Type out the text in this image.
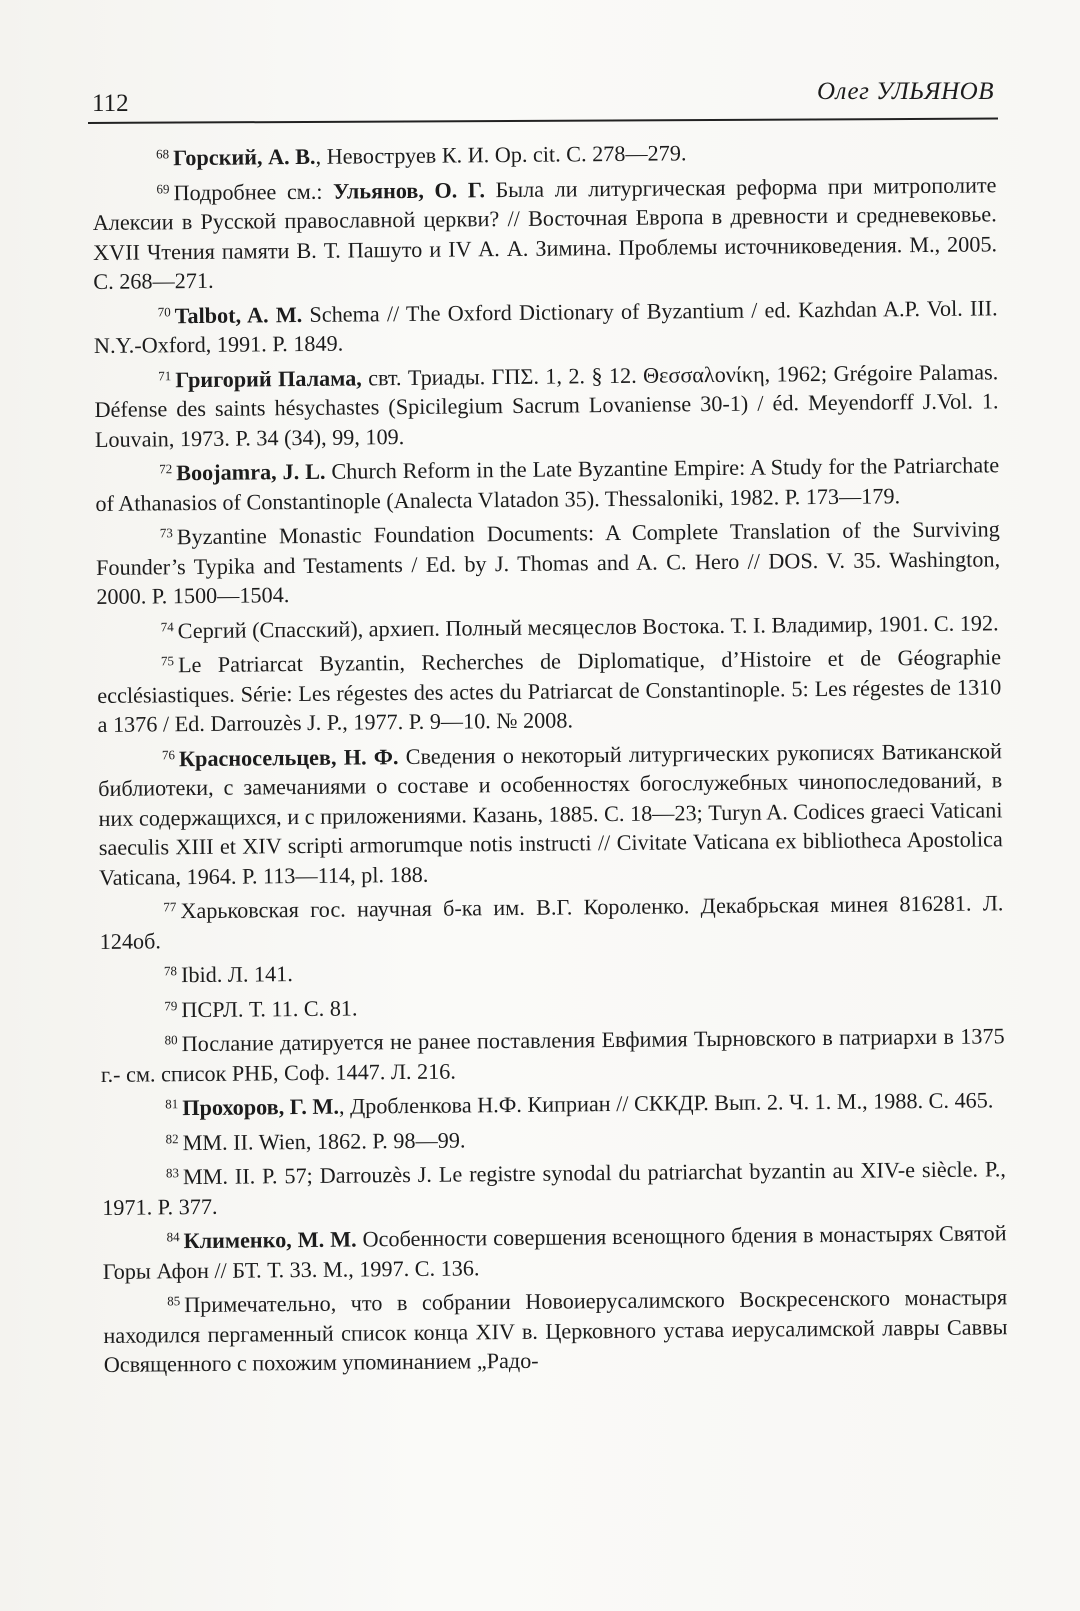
112	Олег УЛЬЯНОВ

$^{68}$ Горский, А. В., Невоструев К. И. Op. cit. C. 278—279.

$^{69}$ Подробнее см.: Ульянов, О. Г. Была ли литургическая реформа при митрополите Алексии в Русской православной церкви? // Восточная Европа в древности и средневековье. XVII Чтения памяти В. Т. Пашуто и IV А. А. Зимина. Проблемы источниковедения. М., 2005. С. 268—271.

$^{70}$ Talbot, A. M. Schema // The Oxford Dictionary of Byzantium / ed. Kazhdan A.P. Vol. III. N.Y.-Oxford, 1991. P. 1849.

$^{71}$ Григорий Палама, свт. Триады. ГПΣ. 1, 2. § 12. Θεσσαλονίκη, 1962; Grégoire Palamas. Défense des saints hésychastes (Spicilegium Sacrum Lovaniense 30-1) / éd. Meyendorff J.Vol. 1. Louvain, 1973. P. 34 (34), 99, 109.

$^{72}$ Boojamra, J. L. Church Reform in the Late Byzantine Empire: A Study for the Patriarchate of Athanasios of Constantinople (Analecta Vlatadon 35). Thessaloniki, 1982. P. 173—179.

$^{73}$ Byzantine Monastic Foundation Documents: A Complete Translation of the Surviving Founder’s Typika and Testaments / Ed. by J. Thomas and A. C. Hero // DOS. V. 35. Washington, 2000. P. 1500—1504.

$^{74}$ Сергий (Спасский), архиеп. Полный месяцеслов Востока. Т. I. Владимир, 1901. С. 192.

$^{75}$ Le Patriarcat Byzantin, Recherches de Diplomatique, d’Histoire et de Géographie ecclésiastiques. Série: Les régestes des actes du Patriarcat de Constantinople. 5: Les régestes de 1310 a 1376 / Ed. Darrouzès J. P., 1977. P. 9—10. № 2008.

$^{76}$ Красносельцев, Н. Ф. Сведения о некоторый литургических рукописях Ватиканской библиотеки, с замечаниями о составе и особенностях богослужебных чинопоследований, в них содержащихся, и с приложениями. Казань, 1885. С. 18—23; Turyn A. Codices graeci Vaticani saeculis XIII et XIV scripti armorumque notis instructi // Civitate Vaticana ex bibliotheca Apostolica Vaticana, 1964. P. 113—114, pl. 188.

$^{77}$ Харьковская гос. научная б-ка им. В.Г. Короленко. Декабрьская минея 816281. Л. 124об.

$^{78}$ Ibid. Л. 141.

$^{79}$ ПСРЛ. Т. 11. С. 81.

$^{80}$ Послание датируется не ранее поставления Евфимия Тырновского в патриархи в 1375 г.- см. список РНБ, Соф. 1447. Л. 216.

$^{81}$ Прохоров, Г. М., Дробленкова Н.Ф. Киприан // СККДР. Вып. 2. Ч. 1. М., 1988. С. 465.

$^{82}$ ММ. II. Wien, 1862. P. 98—99.

$^{83}$ ММ. II. P. 57; Darrouzès J. Le registre synodal du patriarchat byzantin au XIV-e siècle. P., 1971. P. 377.

$^{84}$ Клименко, М. М. Особенности совершения всенощного бдения в монастырях Святой Горы Афон // БТ. Т. 33. М., 1997. С. 136.

$^{85}$ Примечательно, что в собрании Новоиерусалимского Воскресенского монастыря находился пергаменный список конца XIV в. Церковного устава иерусалимской лавры Саввы Освященного с похожим упоминанием „Радо-
